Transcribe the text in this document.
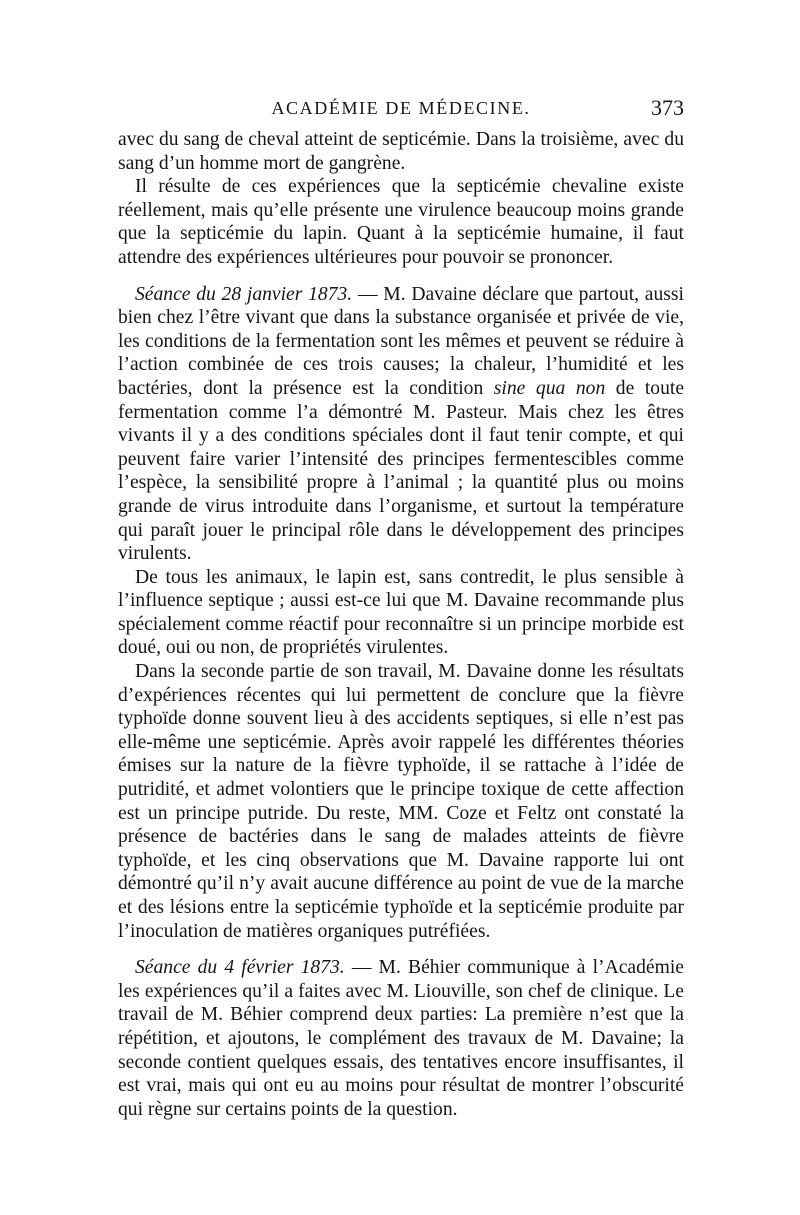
ACADÉMIE DE MÉDECINE.	373

avec du sang de cheval atteint de septicémie. Dans la troisième, avec du sang d’un homme mort de gangrène.

Il résulte de ces expériences que la septicémie chevaline existe réellement, mais qu’elle présente une virulence beaucoup moins grande que la septicémie du lapin. Quant à la septicémie humaine, il faut attendre des expériences ultérieures pour pouvoir se prononcer.

Séance du 28 janvier 1873. — M. Davaine déclare que partout, aussi bien chez l’être vivant que dans la substance organisée et privée de vie, les conditions de la fermentation sont les mêmes et peuvent se réduire à l’action combinée de ces trois causes; la chaleur, l’humidité et les bactéries, dont la présence est la condition sine qua non de toute fermentation comme l’a démontré M. Pasteur. Mais chez les êtres vivants il y a des conditions spéciales dont il faut tenir compte, et qui peuvent faire varier l’intensité des principes fermentescibles comme l’espèce, la sensibilité propre à l’animal ; la quantité plus ou moins grande de virus introduite dans l’organisme, et surtout la température qui paraît jouer le principal rôle dans le développement des principes virulents.

De tous les animaux, le lapin est, sans contredit, le plus sensible à l’influence septique ; aussi est-ce lui que M. Davaine recommande plus spécialement comme réactif pour reconnaître si un principe morbide est doué, oui ou non, de propriétés virulentes.

Dans la seconde partie de son travail, M. Davaine donne les résultats d’expériences récentes qui lui permettent de conclure que la fièvre typhoïde donne souvent lieu à des accidents septiques, si elle n’est pas elle-même une septicémie. Après avoir rappelé les différentes théories émises sur la nature de la fièvre typhoïde, il se rattache à l’idée de putridité, et admet volontiers que le principe toxique de cette affection est un principe putride. Du reste, MM. Coze et Feltz ont constaté la présence de bactéries dans le sang de malades atteints de fièvre typhoïde, et les cinq observations que M. Davaine rapporte lui ont démontré qu’il n’y avait aucune différence au point de vue de la marche et des lésions entre la septicémie typhoïde et la septicémie produite par l’inoculation de matières organiques putréfiées.

Séance du 4 février 1873. — M. Béhier communique à l’Académie les expériences qu’il a faites avec M. Liouville, son chef de clinique. Le travail de M. Béhier comprend deux parties: La première n’est que la répétition, et ajoutons, le complément des travaux de M. Davaine; la seconde contient quelques essais, des tentatives encore insuffisantes, il est vrai, mais qui ont eu au moins pour résultat de montrer l’obscurité qui règne sur certains points de la question.
